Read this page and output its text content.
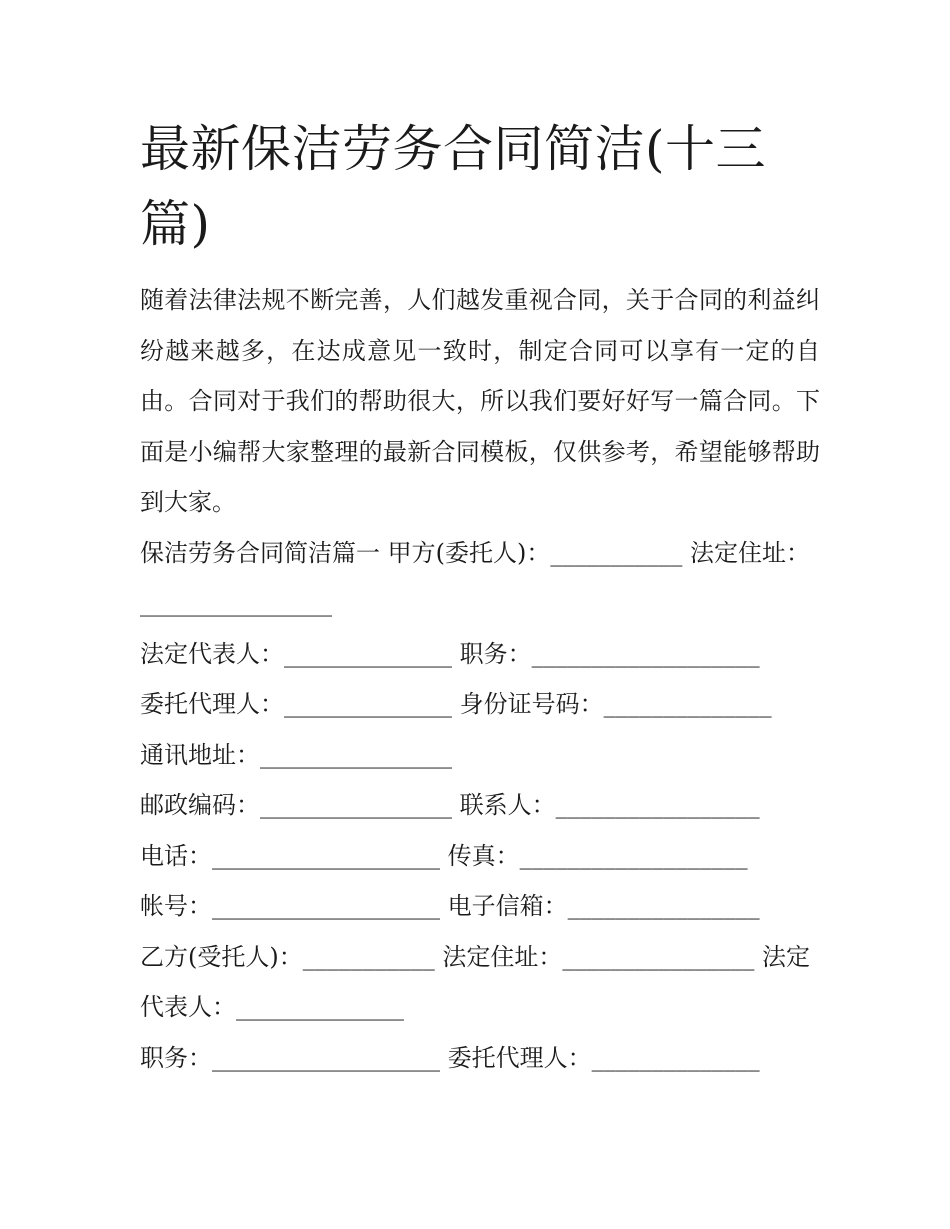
最新保洁劳务合同简洁(十三篇)

随着法律法规不断完善，人们越发重视合同，关于合同的利益纠纷越来越多，在达成意见一致时，制定合同可以享有一定的自由。合同对于我们的帮助很大，所以我们要好好写一篇合同。下面是小编帮大家整理的最新合同模板，仅供参考，希望能够帮助到大家。

保洁劳务合同简洁篇一 甲方(委托人)：___________ 法定住址：________________

法定代表人：______________ 职务：___________________

委托代理人：______________ 身份证号码：______________

通讯地址：________________

邮政编码：________________ 联系人：_________________

电话：___________________ 传真：___________________

帐号：___________________ 电子信箱：________________

乙方(受托人)：___________ 法定住址：________________ 法定代表人：______________

职务：___________________ 委托代理人：______________
